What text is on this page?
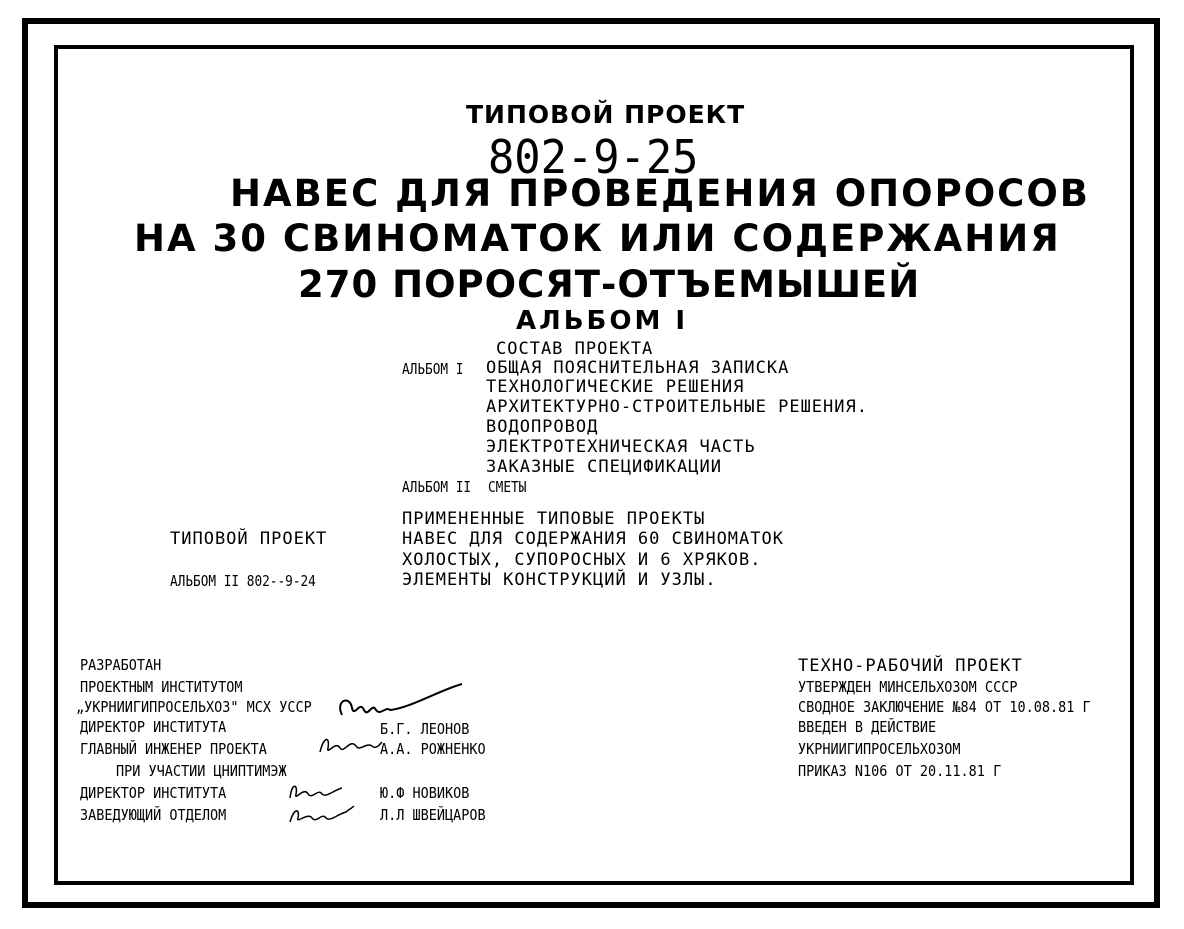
ТИПОВОЙ ПРОЕКТ
802-9-25
НАВЕС ДЛЯ ПРОВЕДЕНИЯ ОПОРОСОВ
НА 30 СВИНОМАТОК ИЛИ СОДЕРЖАНИЯ
270 ПОРОСЯТ-ОТЪЕМЫШЕЙ
АЛЬБОМ I
СОСТАВ ПРОЕКТА
АЛЬБОМ I ОБЩАЯ ПОЯСНИТЕЛЬНАЯ ЗАПИСКА
ТЕХНОЛОГИЧЕСКИЕ РЕШЕНИЯ
АРХИТЕКТУРНО-СТРОИТЕЛЬНЫЕ РЕШЕНИЯ.
ВОДОПРОВОД
ЭЛЕКТРОТЕХНИЧЕСКАЯ ЧАСТЬ
ЗАКАЗНЫЕ СПЕЦИФИКАЦИИ
АЛЬБОМ II СМЕТЫ
ПРИМЕНЕННЫЕ ТИПОВЫЕ ПРОЕКТЫ
ТИПОВОЙ ПРОЕКТ	НАВЕС ДЛЯ СОДЕРЖАНИЯ 60 СВИНОМАТОК
ХОЛОСТЫХ, СУПОРОСНЫХ И 6 ХРЯКОВ.
АЛЬБОМ II 802--9-24	ЭЛЕМЕНТЫ КОНСТРУКЦИЙ И УЗЛЫ.
РАЗРАБОТАН
ПРОЕКТНЫМ ИНСТИТУТОМ
„УКРНИИГИПРОСЕЛЬХОЗ" МСХ УССР
ДИРЕКТОР ИНСТИТУТА
ГЛАВНЫЙ ИНЖЕНЕР ПРОЕКТА
ПРИ УЧАСТИИ ЦНИПТИМЭЖ
ДИРЕКТОР ИНСТИТУТА
ЗАВЕДУЮЩИЙ ОТДЕЛОМ
Б.Г. ЛЕОНОВ
А.А. РОЖНЕНКО
Ю.Ф НОВИКОВ
Л.Л ШВЕЙЦАРОВ
ТЕХНО-РАБОЧИЙ ПРОЕКТ
УТВЕРЖДЕН МИНСЕЛЬХОЗОМ СССР
СВОДНОЕ ЗАКЛЮЧЕНИЕ №84 ОТ 10.08.81 Г
ВВЕДЕН В ДЕЙСТВИЕ
УКРНИИГИПРОСЕЛЬХОЗОМ
ПРИКАЗ N106 ОТ 20.11.81 Г
